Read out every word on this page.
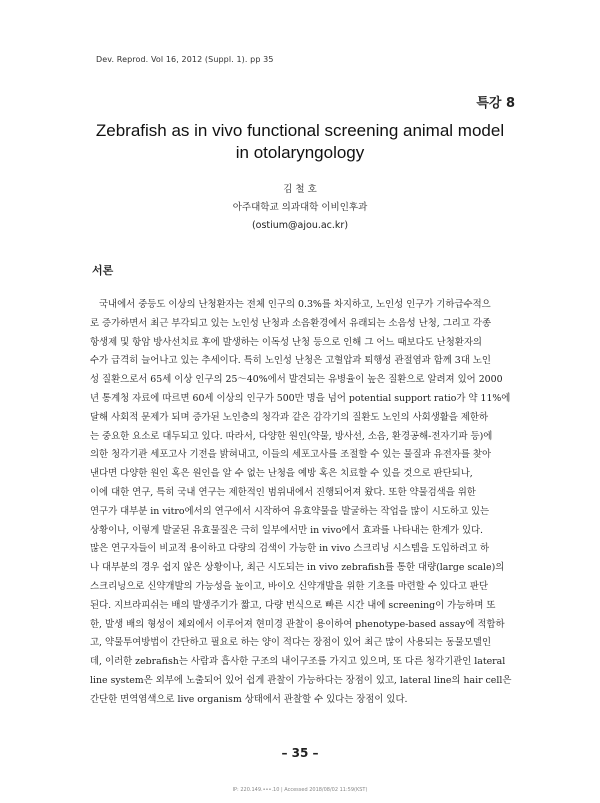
Dev. Reprod. Vol 16, 2012 (Suppl. 1). pp 35
특강 8
Zebrafish as in vivo functional screening animal model
in otolaryngology
김 철 호
아주대학교 의과대학 이비인후과
(ostium@ajou.ac.kr)
서론
국내에서 중등도 이상의 난청환자는 전체 인구의 0.3%를 차지하고, 노인성 인구가 기하급수적으
로 증가하면서 최근 부각되고 있는 노인성 난청과 소음환경에서 유래되는 소음성 난청, 그리고 각종
항생제 및 항암 방사선치료 후에 발생하는 이독성 난청 등으로 인해 그 어느 때보다도 난청환자의
수가 급격히 늘어나고 있는 추세이다. 특히 노인성 난청은 고혈압과 퇴행성 관절염과 함께 3대 노인
성 질환으로서 65세 이상 인구의 25～40%에서 발견되는 유병율이 높은 질환으로 알려져 있어 2000
년 통계청 자료에 따르면 60세 이상의 인구가 500만 명을 넘어 potential support ratio가 약 11%에
달해 사회적 문제가 되며 증가된 노인층의 청각과 같은 감각기의 질환도 노인의 사회생활을 제한하
는 중요한 요소로 대두되고 있다. 따라서, 다양한 원인(약물, 방사선, 소음, 환경공해-전자기파 등)에
의한 청각기관 세포고사 기전을 밝혀내고, 이들의 세포고사를 조절할 수 있는 물질과 유전자를 찾아
낸다면 다양한 원인 혹은 원인을 알 수 없는 난청을 예방 혹은 치료할 수 있을 것으로 판단되나,
이에 대한 연구, 특히 국내 연구는 제한적인 범위내에서 진행되어져 왔다. 또한 약물검색을 위한
연구가 대부분 in vitro에서의 연구에서 시작하여 유효약물을 발굴하는 작업을 많이 시도하고 있는
상황이나, 이렇게 발굴된 유효물질은 극히 일부에서만 in vivo에서 효과를 나타내는 한계가 있다.
많은 연구자들이 비교적 용이하고 다량의 검색이 가능한 in vivo 스크리닝 시스템을 도입하려고 하
나 대부분의 경우 쉽지 않은 상황이나, 최근 시도되는 in vivo zebrafish를 통한 대량(large scale)의
스크리닝으로 신약개발의 가능성을 높이고, 바이오 신약개발을 위한 기초를 마련할 수 있다고 판단
된다. 지브라피쉬는 배의 발생주기가 짧고, 다량 번식으로 빠른 시간 내에 screening이 가능하며 또
한, 발생 배의 형성이 체외에서 이루어져 현미경 관찰이 용이하여 phenotype-based assay에 적합하
고, 약물투여방법이 간단하고 필요로 하는 양이 적다는 장점이 있어 최근 많이 사용되는 동물모델인
데, 이러한 zebrafish는 사람과 흡사한 구조의 내이구조를 가지고 있으며, 또 다른 청각기관인 lateral
line system은 외부에 노출되어 있어 쉽게 관찰이 가능하다는 장점이 있고, lateral line의 hair cell은
간단한 면역염색으로 live organism 상태에서 관찰할 수 있다는 장점이 있다.
– 35 –
IP: 220.149.•••.10 | Accessed 2018/08/02 11:59(KST)
